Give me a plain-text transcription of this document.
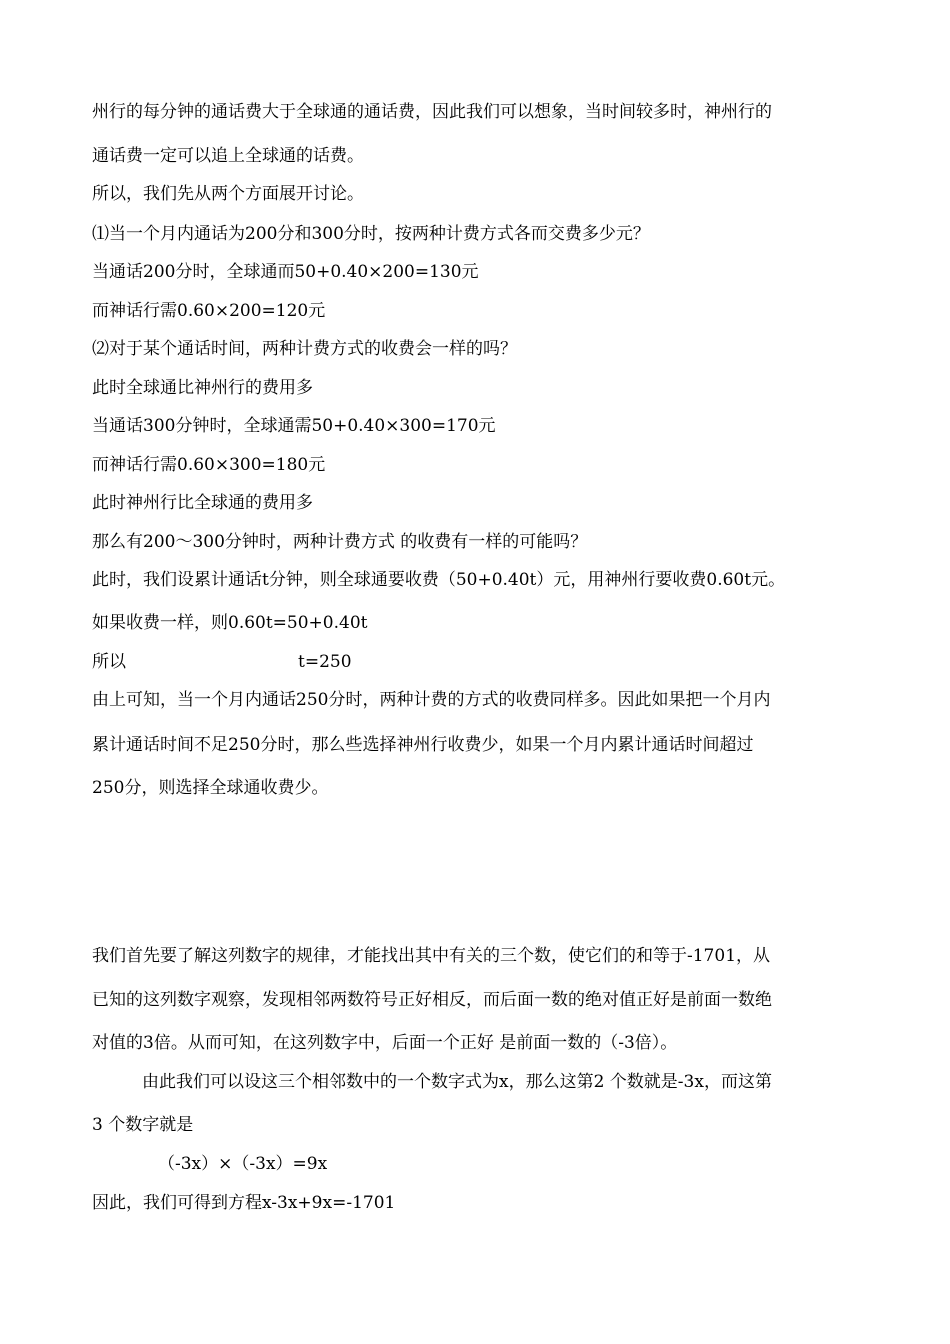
州行的每分钟的通话费大于全球通的通话费，因此我们可以想象，当时间较多时，神州行的
通话费一定可以追上全球通的话费。
所以，我们先从两个方面展开讨论。
⑴当一个月内通话为200分和300分时，按两种计费方式各而交费多少元？
当通话200分时，全球通而50+0.40×200=130元
而神话行需0.60×200=120元
⑵对于某个通话时间，两种计费方式的收费会一样的吗？
此时全球通比神州行的费用多
当通话300分钟时，全球通需50+0.40×300=170元
而神话行需0.60×300=180元
此时神州行比全球通的费用多
那么有200～300分钟时，两种计费方式 的收费有一样的可能吗？
此时，我们设累计通话t分钟，则全球通要收费（50+0.40t）元，用神州行要收费0.60t元。
如果收费一样，则0.60t=50+0.40t
所以	t=250
由上可知，当一个月内通话250分时，两种计费的方式的收费同样多。因此如果把一个月内
累计通话时间不足250分时，那么些选择神州行收费少，如果一个月内累计通话时间超过
250分，则选择全球通收费少。
我们首先要了解这列数字的规律，才能找出其中有关的三个数，使它们的和等于-1701，从
已知的这列数字观察，发现相邻两数符号正好相反，而后面一数的绝对值正好是前面一数绝
对值的3倍。从而可知，在这列数字中，后面一个正好 是前面一数的（-3倍）。
由此我们可以设这三个相邻数中的一个数字式为x，那么这第2 个数就是-3x，而这第
3 个数字就是
（-3x）×（-3x）=9x
因此，我们可得到方程x-3x+9x=-1701
